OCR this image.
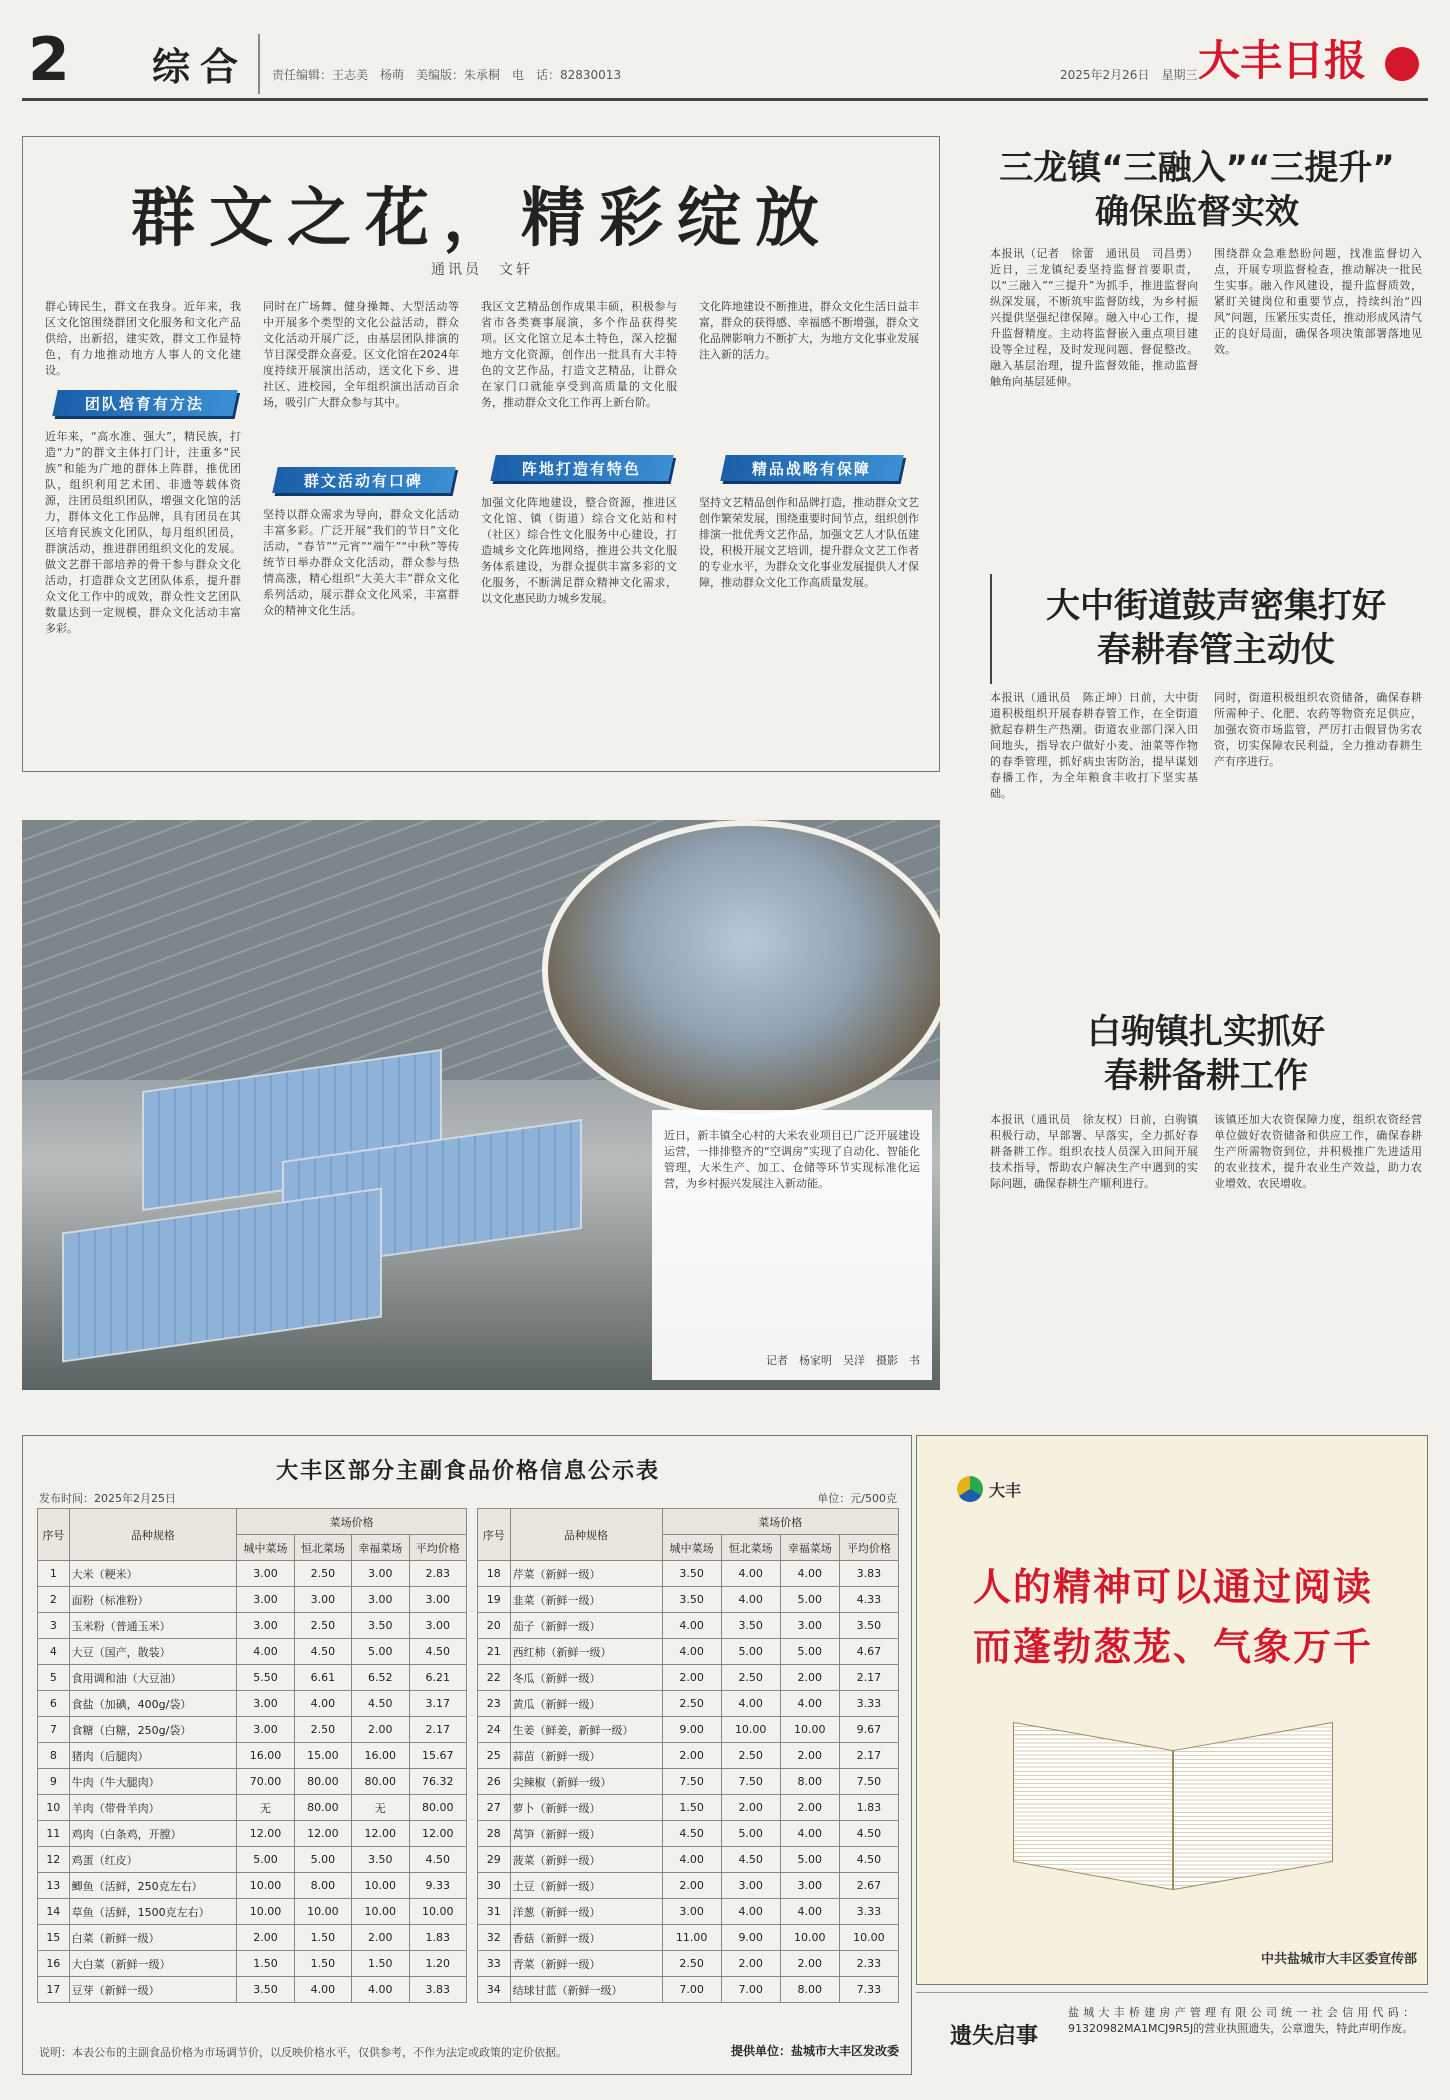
2 综合 责任编辑：王志美　杨萌　美编版：朱承桐　电　话：82830013	2025年2月26日　星期三 大丰日报
群文之花，精彩绽放
通讯员　文轩
群心铸民生，群文在我身。近年来，我区文化馆围绕群团文化服务和文化产品供给，出新招，建实效，群文工作显特色，有力地推动地方人事人的文化建设。
团队培育有方法
近年来，“高水准、强大”，精民族，打造“力”的群文主体打门计，注重多“民族”和能为广地的群体上阵群，推优团队，组织利用艺术团、非遗等载体资源，注团员组织团队，增强文化馆的活力，群体文化工作品牌，具有团员在其区培育民族文化团队，每月组织团员，群演活动，推进群团组织文化的发展。做文艺群干部培养的骨干参与群众文化活动，打造群众文艺团队体系，提升群众文化工作中的成效，群众性文艺团队数量达到一定规模，群众文化活动丰富多彩。
同时在广场舞、健身操舞、大型活动等中开展多个类型的文化公益活动，群众文化活动开展广泛，由基层团队排演的节目深受群众喜爱。区文化馆在2024年度持续开展演出活动，送文化下乡、进社区、进校园，全年组织演出活动百余场，吸引广大群众参与其中。
群文活动有口碑
坚持以群众需求为导向，群众文化活动丰富多彩。广泛开展“我们的节日”文化活动，“春节”“元宵”“端午”“中秋”等传统节日举办群众文化活动，群众参与热情高涨，精心组织“大美大丰”群众文化系列活动，展示群众文化风采，丰富群众的精神文化生活。
我区文艺精品创作成果丰硕，积极参与省市各类赛事展演，多个作品获得奖项。区文化馆立足本土特色，深入挖掘地方文化资源，创作出一批具有大丰特色的文艺作品，打造文艺精品，让群众在家门口就能享受到高质量的文化服务，推动群众文化工作再上新台阶。
阵地打造有特色
加强文化阵地建设，整合资源，推进区文化馆、镇（街道）综合文化站和村（社区）综合性文化服务中心建设，打造城乡文化阵地网络，推进公共文化服务体系建设，为群众提供丰富多彩的文化服务，不断满足群众精神文化需求，以文化惠民助力城乡发展。
文化阵地建设不断推进，群众文化生活日益丰富，群众的获得感、幸福感不断增强，群众文化品牌影响力不断扩大，为地方文化事业发展注入新的活力。
精品战略有保障
坚持文艺精品创作和品牌打造，推动群众文艺创作繁荣发展，围绕重要时间节点，组织创作排演一批优秀文艺作品，加强文艺人才队伍建设，积极开展文艺培训，提升群众文艺工作者的专业水平，为群众文化事业发展提供人才保障，推动群众文化工作高质量发展。
三龙镇“三融入”“三提升”
确保监督实效
本报讯（记者　徐蕾　通讯员　司昌勇）近日，三龙镇纪委坚持监督首要职责，以“三融入”“三提升”为抓手，推进监督向纵深发展，不断筑牢监督防线，为乡村振兴提供坚强纪律保障。融入中心工作，提升监督精度。主动将监督嵌入重点项目建设等全过程，及时发现问题、督促整改。融入基层治理，提升监督效能，推动监督触角向基层延伸。
围绕群众急难愁盼问题，找准监督切入点，开展专项监督检查，推动解决一批民生实事。融入作风建设，提升监督质效，紧盯关键岗位和重要节点，持续纠治“四风”问题，压紧压实责任，推动形成风清气正的良好局面，确保各项决策部署落地见效。
大中街道鼓声密集打好
春耕春管主动仗
本报讯（通讯员　陈正坤）日前，大中街道积极组织开展春耕春管工作，在全街道掀起春耕生产热潮。街道农业部门深入田间地头，指导农户做好小麦、油菜等作物的春季管理，抓好病虫害防治，提早谋划春播工作，为全年粮食丰收打下坚实基础。
同时，街道积极组织农资储备，确保春耕所需种子、化肥、农药等物资充足供应，加强农资市场监管，严厉打击假冒伪劣农资，切实保障农民利益，全力推动春耕生产有序进行。
白驹镇扎实抓好
春耕备耕工作
本报讯（通讯员　徐友权）日前，白驹镇积极行动，早部署、早落实，全力抓好春耕备耕工作。组织农技人员深入田间开展技术指导，帮助农户解决生产中遇到的实际问题，确保春耕生产顺利进行。
该镇还加大农资保障力度，组织农资经营单位做好农资储备和供应工作，确保春耕生产所需物资到位，并积极推广先进适用的农业技术，提升农业生产效益，助力农业增效、农民增收。
近日，新丰镇全心村的大米农业项目已广泛开展建设运营，一排排整齐的“空调房”实现了自动化、智能化管理，大米生产、加工、仓储等环节实现标准化运营，为乡村振兴发展注入新动能。
记者　杨家明　吴洋　摄影　书
大丰区部分主副食品价格信息公示表
发布时间：2025年2月25日	单位：元/500克
序号	品种规格	菜场价格			
		城中菜场	恒北菜场	幸福菜场	平均价格
1	大米（粳米）	3.00	2.50	3.00	2.83
2	面粉（标准粉）	3.00	3.00	3.00	3.00
3	玉米粉（普通玉米）	3.00	2.50	3.50	3.00
4	大豆（国产，散装）	4.00	4.50	5.00	4.50
5	食用调和油（大豆油）	5.50	6.61	6.52	6.21
6	食盐（加碘，400g/袋）	3.00	4.00	4.50	3.17
7	食糖（白糖，250g/袋）	3.00	2.50	2.00	2.17
8	猪肉（后腿肉）	16.00	15.00	16.00	15.67
9	牛肉（牛大腿肉）	70.00	80.00	80.00	76.32
10	羊肉（带骨羊肉）	无	80.00	无	80.00
11	鸡肉（白条鸡，开膛）	12.00	12.00	12.00	12.00
12	鸡蛋（红皮）	5.00	5.00	3.50	4.50
13	鲫鱼（活鲜，250克左右）	10.00	8.00	10.00	9.33
14	草鱼（活鲜，1500克左右）	10.00	10.00	10.00	10.00
15	白菜（新鲜一级）	2.00	1.50	2.00	1.83
16	大白菜（新鲜一级）	1.50	1.50	1.50	1.20
17	豆芽（新鲜一级）	3.50	4.00	4.00	3.83
序号	品种规格	菜场价格			
		城中菜场	恒北菜场	幸福菜场	平均价格
18	芹菜（新鲜一级）	3.50	4.00	4.00	3.83
19	韭菜（新鲜一级）	3.50	4.00	5.00	4.33
20	茄子（新鲜一级）	4.00	3.50	3.00	3.50
21	西红柿（新鲜一级）	4.00	5.00	5.00	4.67
22	冬瓜（新鲜一级）	2.00	2.50	2.00	2.17
23	黄瓜（新鲜一级）	2.50	4.00	4.00	3.33
24	生姜（鲜姜，新鲜一级）	9.00	10.00	10.00	9.67
25	蒜苗（新鲜一级）	2.00	2.50	2.00	2.17
26	尖辣椒（新鲜一级）	7.50	7.50	8.00	7.50
27	萝卜（新鲜一级）	1.50	2.00	2.00	1.83
28	莴笋（新鲜一级）	4.50	5.00	4.00	4.50
29	菠菜（新鲜一级）	4.00	4.50	5.00	4.50
30	土豆（新鲜一级）	2.00	3.00	3.00	2.67
31	洋葱（新鲜一级）	3.00	4.00	4.00	3.33
32	香菇（新鲜一级）	11.00	9.00	10.00	10.00
33	青菜（新鲜一级）	2.50	2.00	2.00	2.33
34	结球甘蓝（新鲜一级）	7.00	7.00	8.00	7.33
说明：本表公布的主副食品价格为市场调节价，以反映价格水平，仅供参考，不作为法定或政策的定价依据。	提供单位：盐城市大丰区发改委
大丰
人的精神可以通过阅读
而蓬勃葱茏、气象万千
中共盐城市大丰区委宣传部
遗失启事
盐城大丰桥建房产管理有限公司统一社会信用代码：91320982MA1MCJ9R5J的营业执照遗失，公章遗失，特此声明作废。
